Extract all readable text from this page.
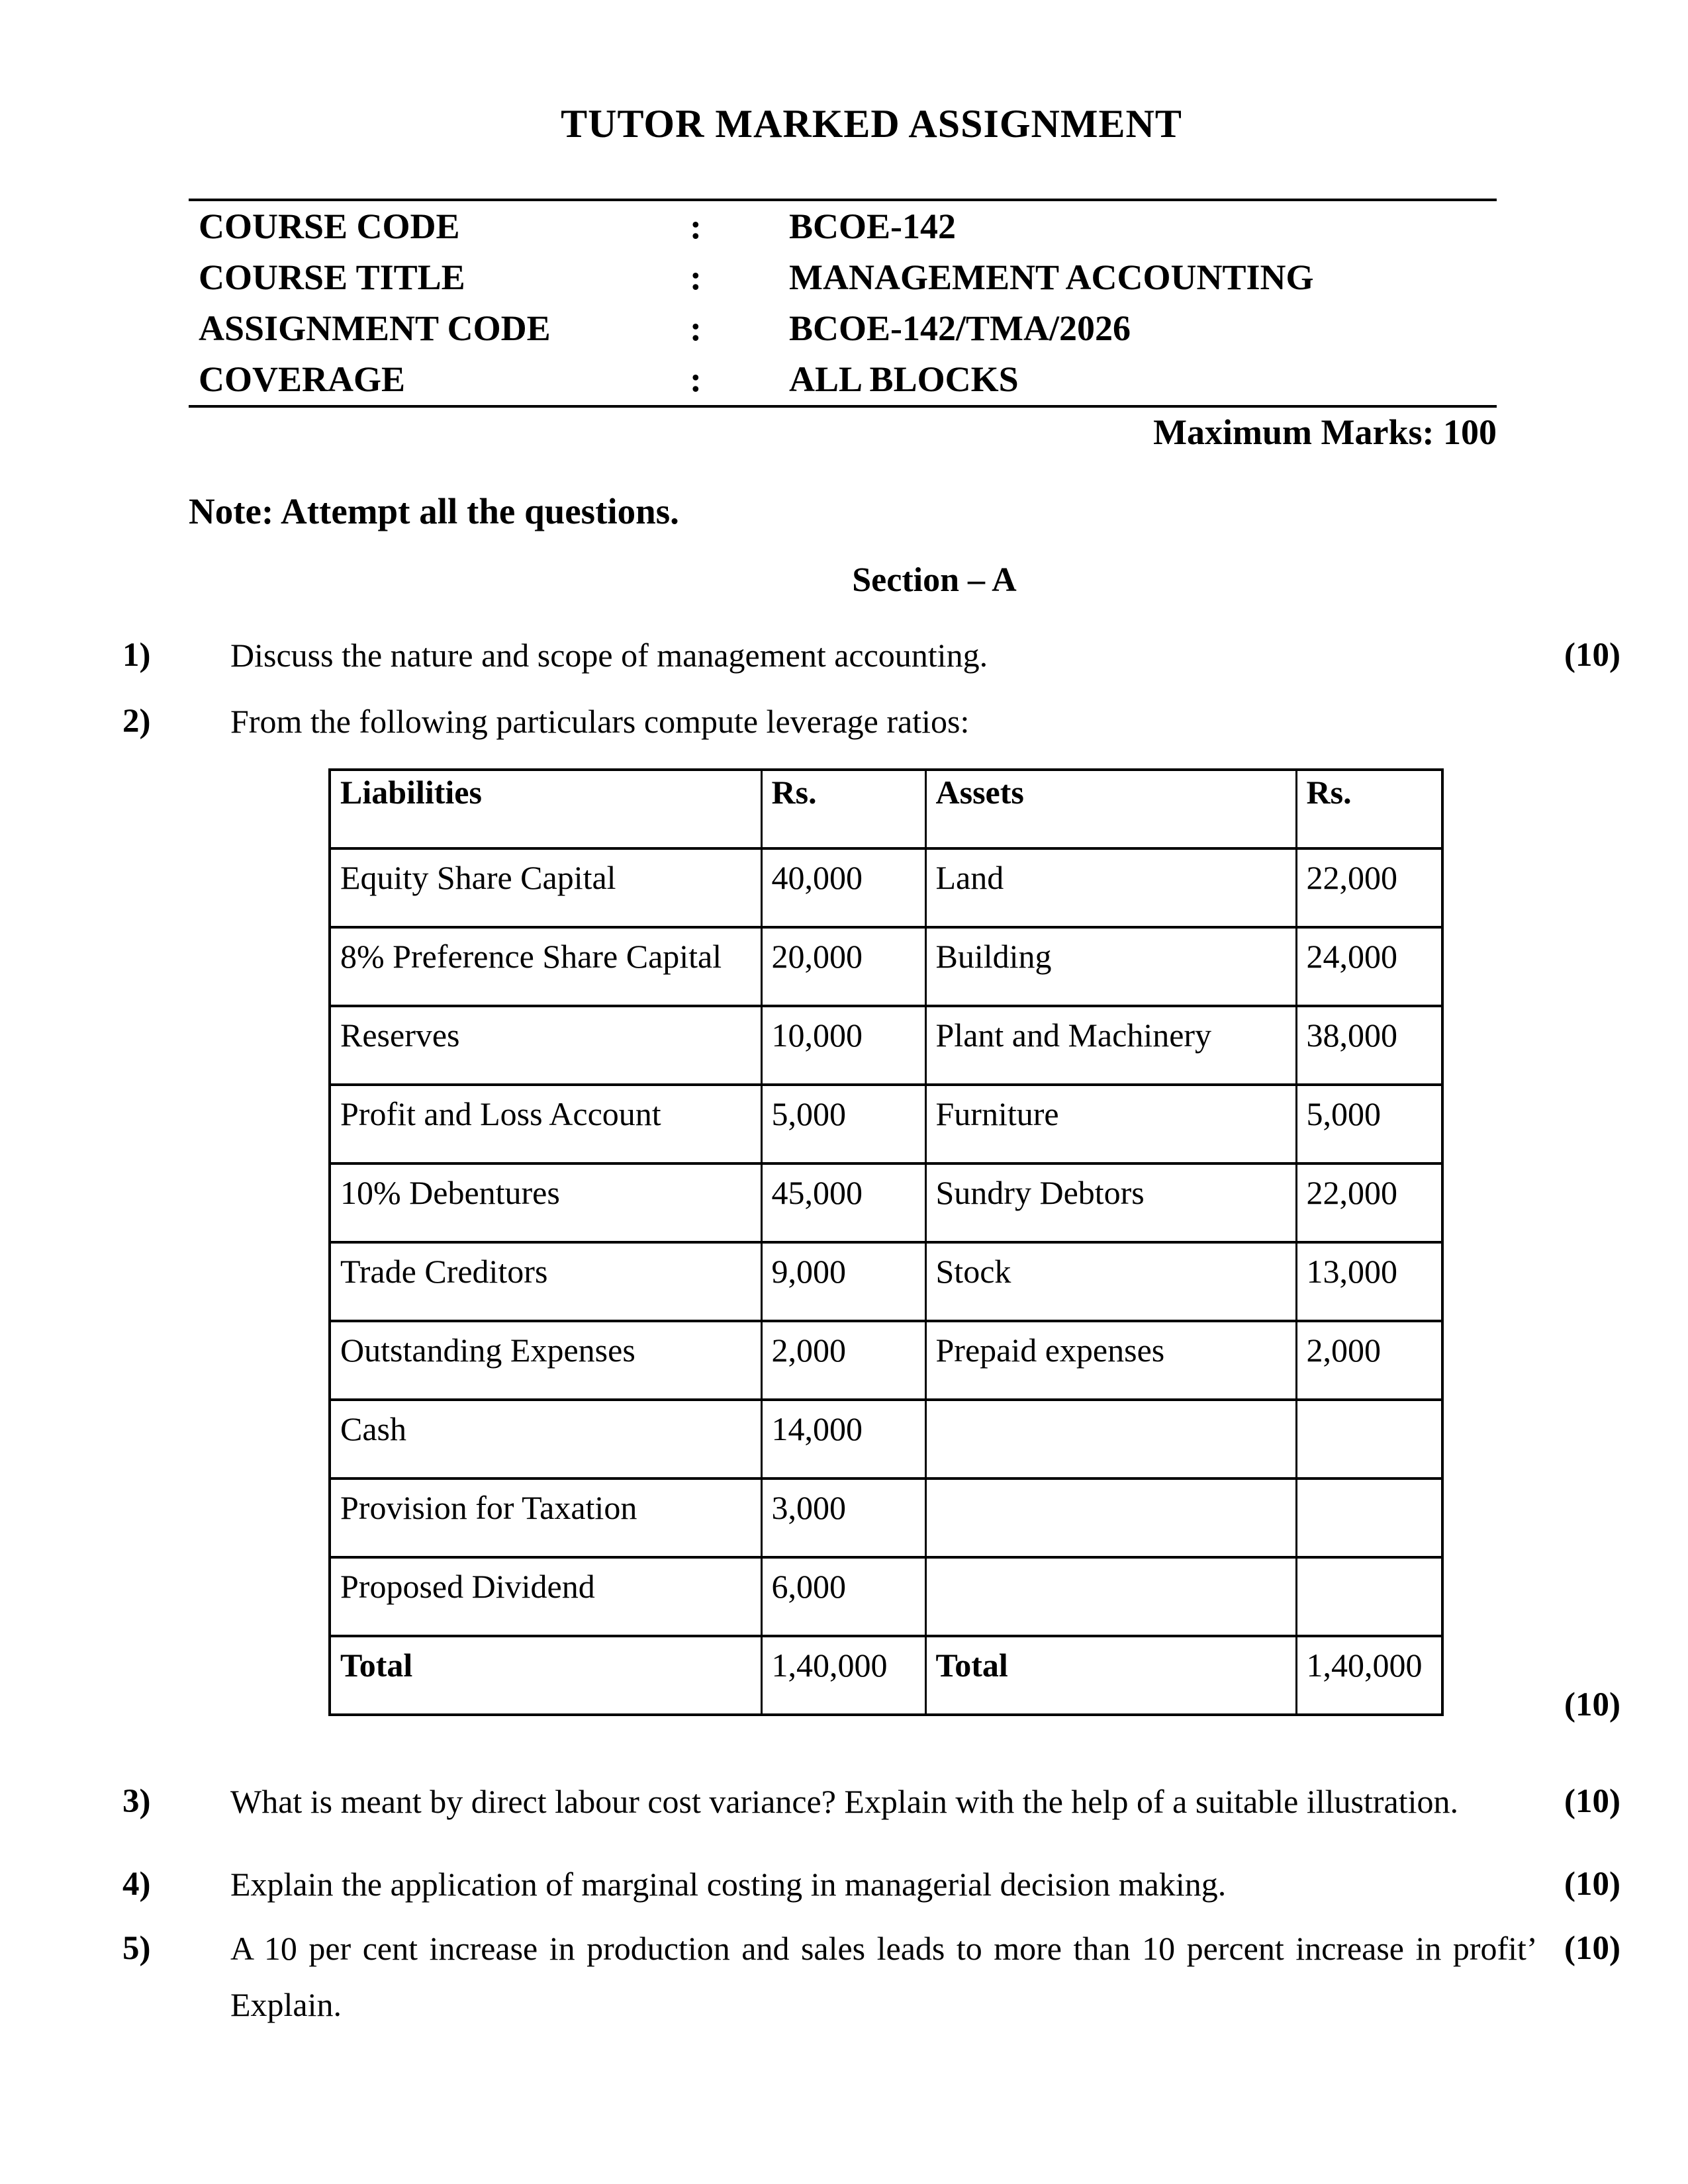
TUTOR MARKED ASSIGNMENT
COURSE CODE	:	BCOE-142
COURSE TITLE	:	MANAGEMENT ACCOUNTING
ASSIGNMENT CODE	:	BCOE-142/TMA/2026
COVERAGE	:	ALL BLOCKS
Maximum Marks: 100
Note: Attempt all the questions.
Section – A
1)	Discuss the nature and scope of management accounting.	(10)
2)	From the following particulars compute leverage ratios:
Liabilities	Rs.	Assets	Rs.
Equity Share Capital	40,000	Land	22,000
8% Preference Share Capital	20,000	Building	24,000
Reserves	10,000	Plant and Machinery	38,000
Profit and Loss Account	5,000	Furniture	5,000
10% Debentures	45,000	Sundry Debtors	22,000
Trade Creditors	9,000	Stock	13,000
Outstanding Expenses	2,000	Prepaid expenses	2,000
Cash	14,000		
Provision for Taxation	3,000		
Proposed Dividend	6,000		
Total	1,40,000	Total	1,40,000
(10)
3)	What is meant by direct labour cost variance? Explain with the help of a suitable illustration.	(10)
4)	Explain the application of marginal costing in managerial decision making.	(10)
5)	A 10 per cent increase in production and sales leads to more than 10 percent increase in profit’
Explain.
(10)
